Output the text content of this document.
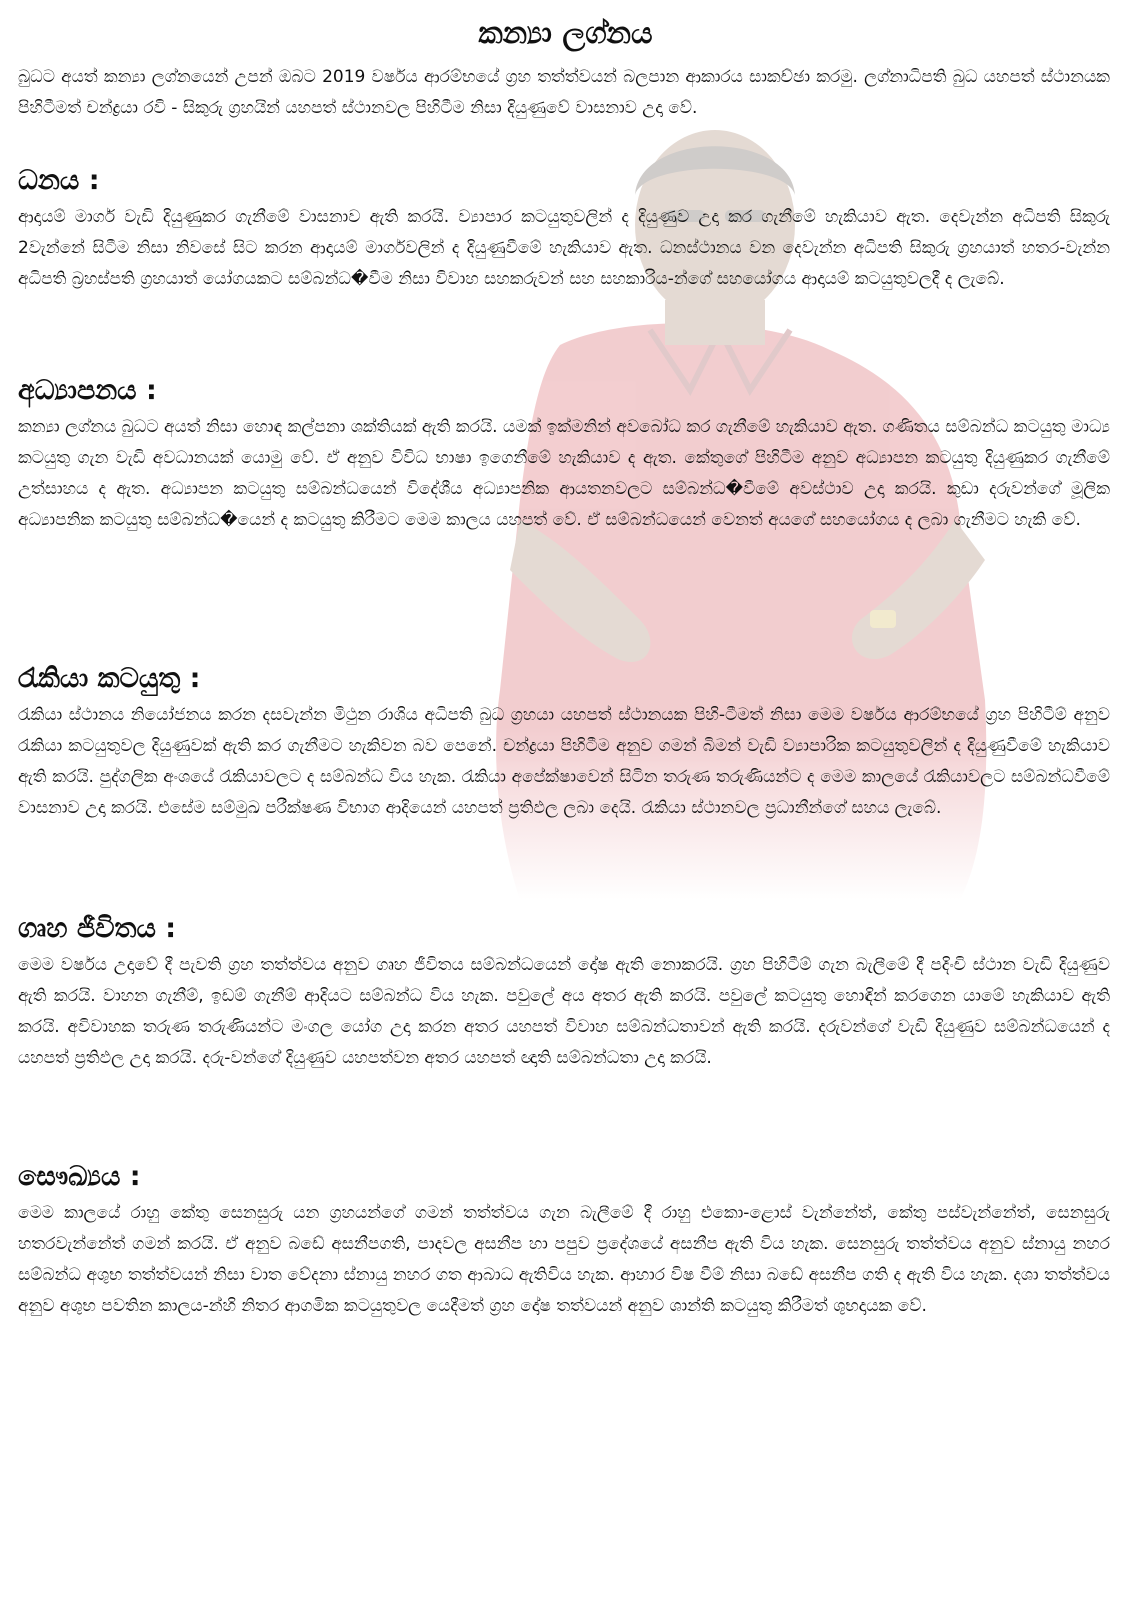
කන්‍යා ලග්නය

බුධට අයත් කන්‍යා ලග්නයෙන් උපන් ඔබට 2019 වර්ෂය ආරම්භයේ ග්‍රහ තත්ත්වයන් බලපාන ආකාරය සාකච්ඡා කරමු. ලග්නාධිපති බුධ යහපත් ස්ථානයක පිහිටීමත් චන්ද්‍රයා රවි - සිකුරු ග්‍රහයින් යහපත් ස්ථානවල පිහිටීම නිසා දියුණුවේ වාසනාව උදා වේ.

ධනය :

ආදායම් මාර්ග වැඩි දියුණුකර ගැනීමේ වාසනාව ඇති කරයි. ව්‍යාපාර කටයුතුවලින් ද දියුණුව උදා කර ගැනීමේ හැකියාව ඇත. දෙවැන්න අධිපති සිකුරු 2වැන්නේ සිටීම නිසා නිවසේ සිට කරන ආදායම් මාර්ගවලින් ද දියුණුවීමේ හැකියාව ඇත. ධනස්ථානය වන දෙවැන්න අධිපති සිකුරු ග්‍රහයාත් හතර-වැන්න අධිපති බ්‍රහස්පති ග්‍රහයාත් යෝගයකට සම්බන්ධ�වීම නිසා විවාහ සහකරුවන් සහ සහකාරිය-න්ගේ සහයෝගය ආදායම් කටයුතුවලදී ද ලැබේ.

අධ්‍යාපනය :

කන්‍යා ලග්නය බුධට අයත් නිසා හොඳ කල්පනා ශක්තියක් ඇති කරයි. යමක් ඉක්මනින් අවබෝධ කර ගැනීමේ හැකියාව ඇත. ගණිතය සම්බන්ධ කටයුතු මාධ්‍ය කටයුතු ගැන වැඩි අවධානයක් යොමු වේ. ඒ අනුව විවිධ භාෂා ඉගෙනීමේ හැකියාව ද ඇත. කේතුගේ පිහිටීම අනුව අධ්‍යාපන කටයුතු දියුණුකර ගැනීමේ උත්සාහය ද ඇත. අධ්‍යාපන කටයුතු සම්බන්ධයෙන් විදේශීය අධ්‍යාපනික ආයතනවලට සම්බන්ධ�වීමේ අවස්ථාව උදා කරයි. කුඩා දරුවන්ගේ මූලික අධ්‍යාපනික කටයුතු සම්බන්ධ�යෙන් ද කටයුතු කිරීමට මෙම කාලය යහපත් වේ. ඒ සම්බන්ධයෙන් වෙනත් අයගේ සහයෝගය ද ලබා ගැනීමට හැකි වේ.

රැකියා කටයුතු :

රැකියා ස්ථානය නියෝජනය කරන දසවැන්න මිථුන රාශිය අධිපති බුධ ග්‍රහයා යහපත් ස්ථානයක පිහි-ටීමත් නිසා මෙම වර්ෂය ආරම්භයේ ග්‍රහ පිහිටීම් අනුව රැකියා කටයුතුවල දියුණුවක් ඇති කර ගැනීමට හැකිවන බව පෙනේ. චන්ද්‍රයා පිහිටීම අනුව ගමන් බිමන් වැඩි ව්‍යාපාරික කටයුතුවලින් ද දියුණුවීමේ හැකියාව ඇති කරයි. පුද්ගලික අංශයේ රැකියාවලට ද සම්බන්ධ විය හැක. රැකියා අපේක්ෂාවෙන් සිටින තරුණ තරුණියන්ට ද මෙම කාලයේ රැකියාවලට සම්බන්ධවීමේ වාසනාව උදා කරයි. එසේම සම්මුඛ පරීක්ෂණ විභාග ආදියෙන් යහපත් ප්‍රතිඵල ලබා දෙයි. රැකියා ස්ථානවල ප්‍රධානීන්ගේ සහය ලැබේ.

ගෘහ ජීවිතය :

මෙම වර්ෂය උදාවේ දී පැවති ග්‍රහ තත්ත්වය අනුව ගෘහ ජීවිතය සම්බන්ධයෙන් දෝෂ ඇති නොකරයි. ග්‍රහ පිහිටීම් ගැන බැලීමේ දී පදිංචි ස්ථාන වැඩි දියුණුව ඇති කරයි. වාහන ගැනීම්, ඉඩම් ගැනීම් ආදියට සම්බන්ධ විය හැක. පවුලේ අය අතර ඇති කරයි. පවුලේ කටයුතු හොඳින් කරගෙන යාමේ හැකියාව ඇති කරයි. අවිවාහක තරුණ තරුණියන්ට මංගල යෝග උදා කරන අතර යහපත් විවාහ සම්බන්ධතාවන් ඇති කරයි. දරුවන්ගේ වැඩි දියුණුව සම්බන්ධයෙන් ද යහපත් ප්‍රතිඵල උදා කරයි. දරු-වන්ගේ දියුණුව යහපත්වන අතර යහපත් ඥාති සම්බන්ධතා උදා කරයි.

සෞඛ්‍යය :

මෙම කාලයේ රාහු කේතු සෙනසුරු යන ග්‍රහයන්ගේ ගමන් තත්ත්වය ගැන බැලීමේ දී රාහු එකො-ළොස් වැන්නේත්, කේතු පස්වැන්නේත්, සෙනසුරු හතරවැන්නේත් ගමන් කරයි. ඒ අනුව බඩේ අසනීපගති, පාදවල අසනීප හා පපුව ප්‍රදේශයේ අසනීප ඇති විය හැක. සෙනසුරු තත්ත්වය අනුව ස්නායු නහර සම්බන්ධ අශුභ තත්ත්වයන් නිසා වාත වේදනා ස්නායු නහර ගත ආබාධ ඇතිවිය හැක. ආහාර විෂ වීම් නිසා බඩේ අසනීප ගති ද ඇති විය හැක. දශා තත්ත්වය අනුව අශුභ පවතින කාලය-න්හි නිතර ආගමික කටයුතුවල යෙදීමත් ග්‍රහ දෝෂ තත්වයන් අනුව ශාන්ති කටයුතු කිරීමත් ශුභදායක වේ.
